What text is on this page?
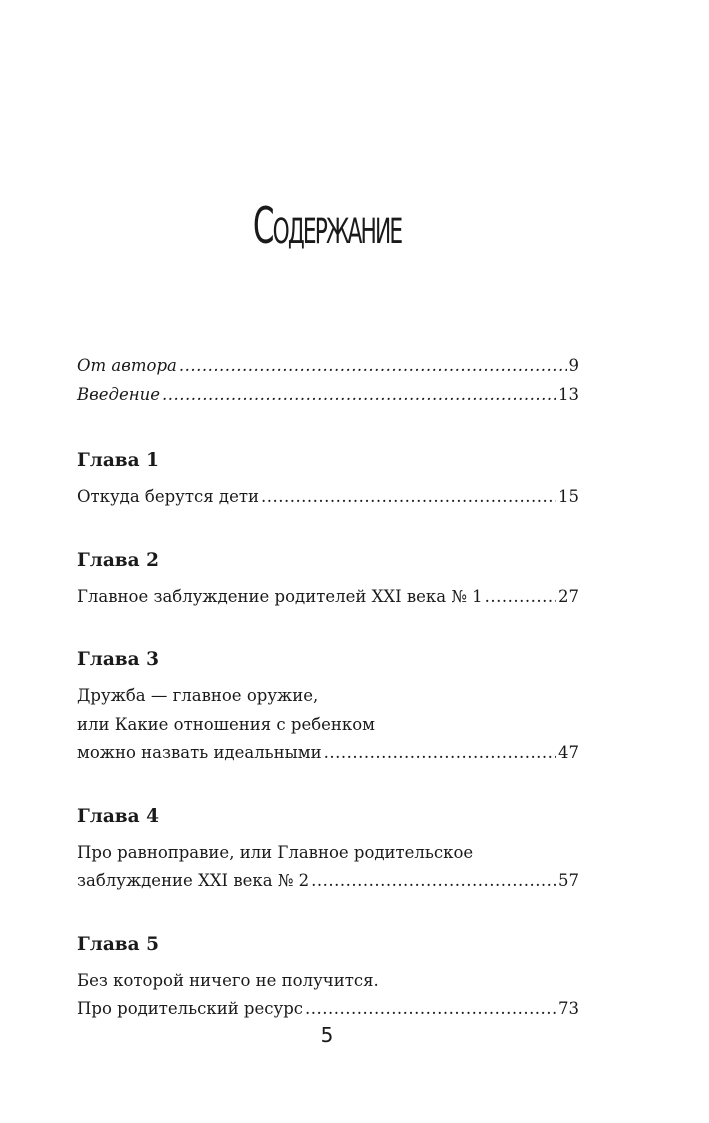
Содержание
От автора .....	9
Введение .....	13
Глава 1
Откуда берутся дети .....	15
Глава 2
Главное заблуждение родителей XXI века № 1 .....	27
Глава 3
Дружба — главное оружие,
или Какие отношения с ребенком
можно назвать идеальными .....	47
Глава 4
Про равноправие, или Главное родительское
заблуждение XXI века № 2 .....	57
Глава 5
Без которой ничего не получится.
Про родительский ресурс .....	73
5
